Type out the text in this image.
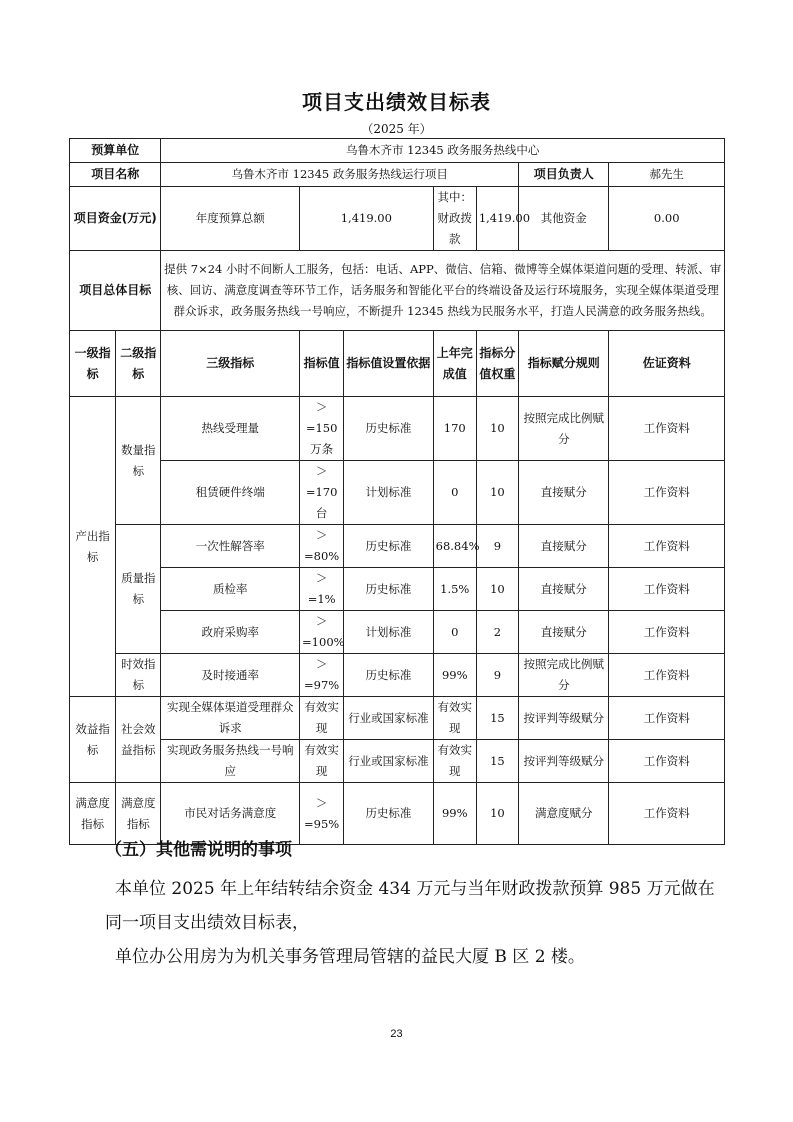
项目支出绩效目标表
（2025 年）
预算单位		乌鲁木齐市 12345 政务服务热线中心						
项目名称		乌鲁木齐市 12345 政务服务热线运行项目					项目负责人	郝先生
项目资金(万元)		年度预算总额	1,419.00		其中：财政拨款	1,419.00	其他资金	0.00
项目总体目标		提供 7×24 小时不间断人工服务，包括：电话、APP、微信、信箱、微博等全媒体渠道问题的受理、转派、审核、回访、满意度调查等环节工作，话务服务和智能化平台的终端设备及运行环境服务，实现全媒体渠道受理群众诉求，政务服务热线一号响应，不断提升 12345 热线为民服务水平，打造人民满意的政务服务热线。						
一级指标	二级指标	三级指标	指标值	指标值设置依据	上年完成值	指标分值权重	指标赋分规则	佐证资料
产出指标	数量指标	热线受理量	＞=150万条	历史标准	170	10	按照完成比例赋分	工作资料
		租赁硬件终端	＞=170台	计划标准	0	10	直接赋分	工作资料
	质量指标	一次性解答率	＞=80%	历史标准	68.84%	9	直接赋分	工作资料
		质检率	＞=1%	历史标准	1.5%	10	直接赋分	工作资料
		政府采购率	＞=100%	计划标准	0	2	直接赋分	工作资料
	时效指标	及时接通率	＞=97%	历史标准	99%	9	按照完成比例赋分	工作资料
效益指标	社会效益指标	实现全媒体渠道受理群众诉求	有效实现	行业或国家标准	有效实现	15	按评判等级赋分	工作资料
		实现政务服务热线一号响应	有效实现	行业或国家标准	有效实现	15	按评判等级赋分	工作资料
满意度指标	满意度指标	市民对话务满意度	＞=95%	历史标准	99%	10	满意度赋分	工作资料
（五）其他需说明的事项
本单位 2025 年上年结转结余资金 434 万元与当年财政拨款预算 985 万元做在同一项目支出绩效目标表，
单位办公用房为为机关事务管理局管辖的益民大厦 B 区 2 楼。
23
